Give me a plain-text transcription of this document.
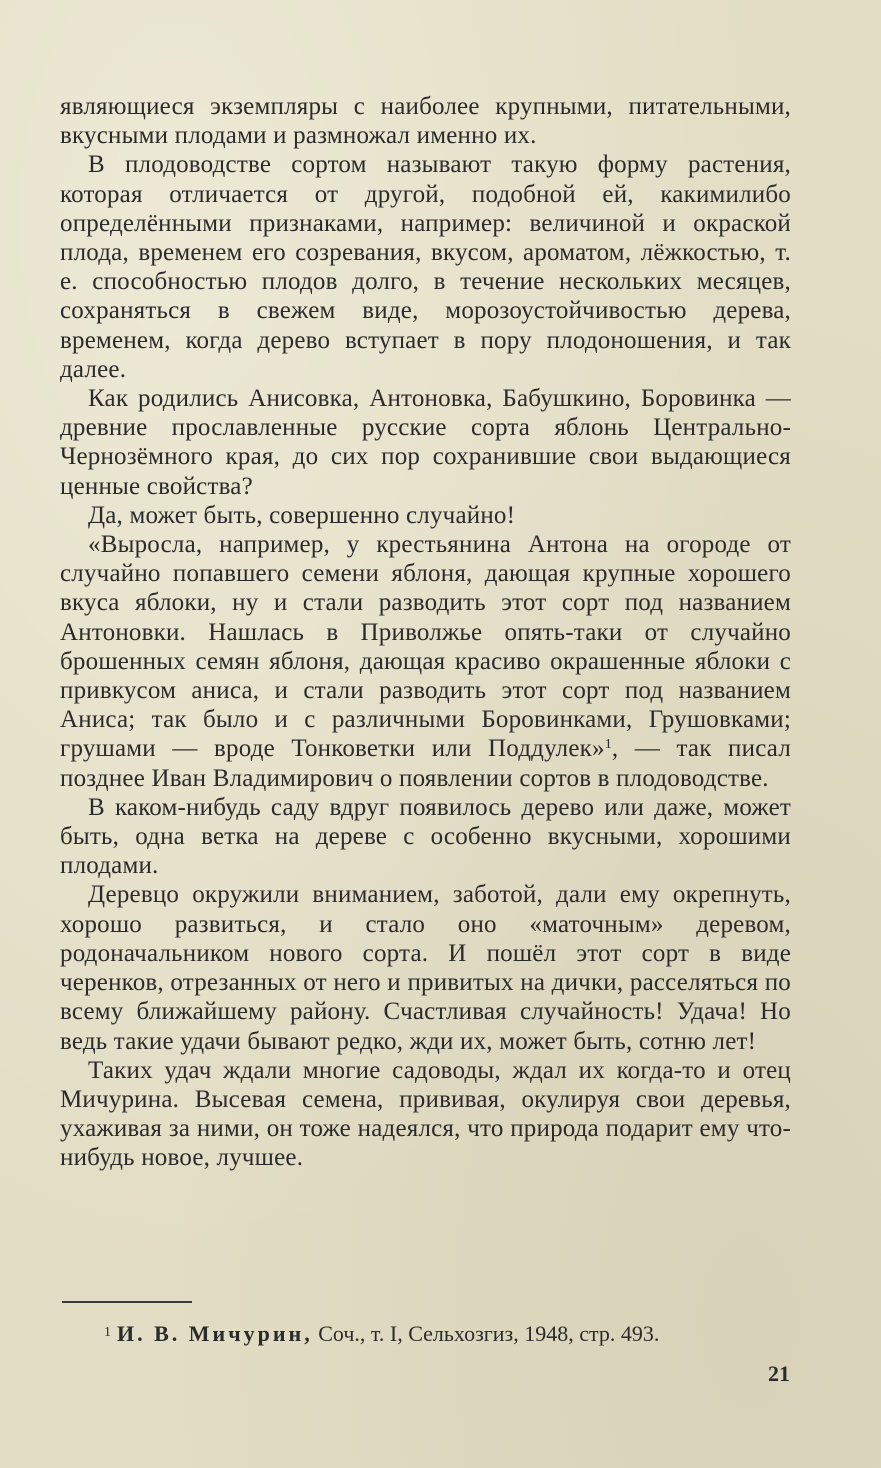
являющиеся экземпляры с наиболее крупными, питательными, вкусными плодами и размножал именно их.

В плодоводстве сортом называют такую форму растения, которая отличается от другой, подобной ей, какимилибо определёнными признаками, например: величиной и окраской плода, временем его созревания, вкусом, ароматом, лёжкостью, т. е. способностью плодов долго, в течение нескольких месяцев, сохраняться в свежем виде, морозоустойчивостью дерева, временем, когда дерево вступает в пору плодоношения, и так далее.

Как родились Анисовка, Антоновка, Бабушкино, Боровинка — древние прославленные русские сорта яблонь Центрально-Чернозёмного края, до сих пор сохранившие свои выдающиеся ценные свойства?

Да, может быть, совершенно случайно!

«Выросла, например, у крестьянина Антона на огороде от случайно попавшего семени яблоня, дающая крупные хорошего вкуса яблоки, ну и стали разводить этот сорт под названием Антоновки. Нашлась в Приволжье опять-таки от случайно брошенных семян яблоня, дающая красиво окрашенные яблоки с привкусом аниса, и стали разводить этот сорт под названием Аниса; так было и с различными Боровинками, Грушовками; грушами — вроде Тонковетки или Поддулек»$^1$, — так писал позднее Иван Владимирович о появлении сортов в плодоводстве.

В каком-нибудь саду вдруг появилось дерево или даже, может быть, одна ветка на дереве с особенно вкусными, хорошими плодами.

Деревцо окружили вниманием, заботой, дали ему окрепнуть, хорошо развиться, и стало оно «маточным» деревом, родоначальником нового сорта. И пошёл этот сорт в виде черенков, отрезанных от него и привитых на дички, расселяться по всему ближайшему району. Счастливая случайность! Удача! Но ведь такие удачи бывают редко, жди их, может быть, сотню лет!

Таких удач ждали многие садоводы, ждал их когда-то и отец Мичурина. Высевая семена, прививая, окулируя свои деревья, ухаживая за ними, он тоже надеялся, что природа подарит ему что-нибудь новое, лучшее.

$^1$ И. В. Мичурин, Соч., т. I, Сельхозгиз, 1948, стр. 493.
21
